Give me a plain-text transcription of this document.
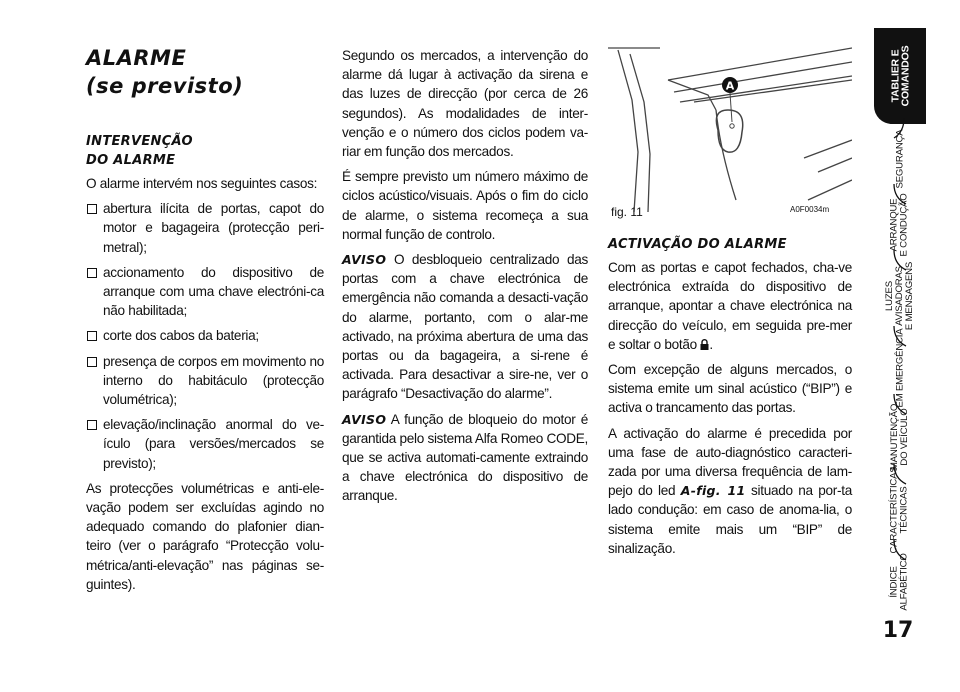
ALARME
(se previsto)
INTERVENÇÃO
DO ALARME

O alarme intervém nos seguintes casos:

abertura ilícita de portas, capot do motor e bagageira (protecção peri-metral);
accionamento do dispositivo de arranque com uma chave electróni-ca não habilitada;
corte dos cabos da bateria;
presença de corpos em movimento no interno do habitáculo (protecção volumétrica);
elevação/inclinação anormal do ve-ículo (para versões/mercados se previsto);

As protecções volumétricas e anti-ele-vação podem ser excluídas agindo no adequado comando do plafonier dian-teiro (ver o parágrafo “Protecção volu-métrica/anti-elevação” nas páginas se-guintes).

Segundo os mercados, a intervenção do alarme dá lugar à activação da sirena e das luzes de direcção (por cerca de 26 segundos). As modalidades de inter-venção e o número dos ciclos podem va-riar em função dos mercados.

É sempre previsto um número máximo de ciclos acústico/visuais. Após o fim do ciclo de alarme, o sistema recomeça a sua normal função de controlo.

AVISO O desbloqueio centralizado das portas com a chave electrónica de emergência não comanda a desacti-vação do alarme, portanto, com o alar-me activado, na próxima abertura de uma das portas ou da bagageira, a si-rene é activada. Para desactivar a sire-ne, ver o parágrafo “Desactivação do alarme”.

AVISO A função de bloqueio do motor é garantida pelo sistema Alfa Romeo CODE, que se activa automati-camente extraindo a chave electrónica do dispositivo de arranque.

A
fig. 11	A0F0034m
ACTIVAÇÃO DO ALARME

Com as portas e capot fechados, cha-ve electrónica extraída do dispositivo de arranque, apontar a chave electrónica na direcção do veículo, em seguida pre-mer e soltar o botão .

Com excepção de alguns mercados, o sistema emite um sinal acústico (“BIP”) e activa o trancamento das portas.

A activação do alarme é precedida por uma fase de auto-diagnóstico caracteri-zada por uma diversa frequência de lam-pejo do led A-fig. 11 situado na por-ta lado condução: em caso de anoma-lia, o sistema emite mais um “BIP” de sinalização.

TABLIER E
COMANDOS
SEGURANÇA
ARRANQUE
E CONDUÇÃO
LUZES
AVISADORAS
E MENSAGENS
EM EMERGÊNCIA
MANUTENÇÃO
DO VEÍCULO
CARACTERÍSTICAS
TÉCNICAS
ÍNDICE
ALFABÉTICO
17
